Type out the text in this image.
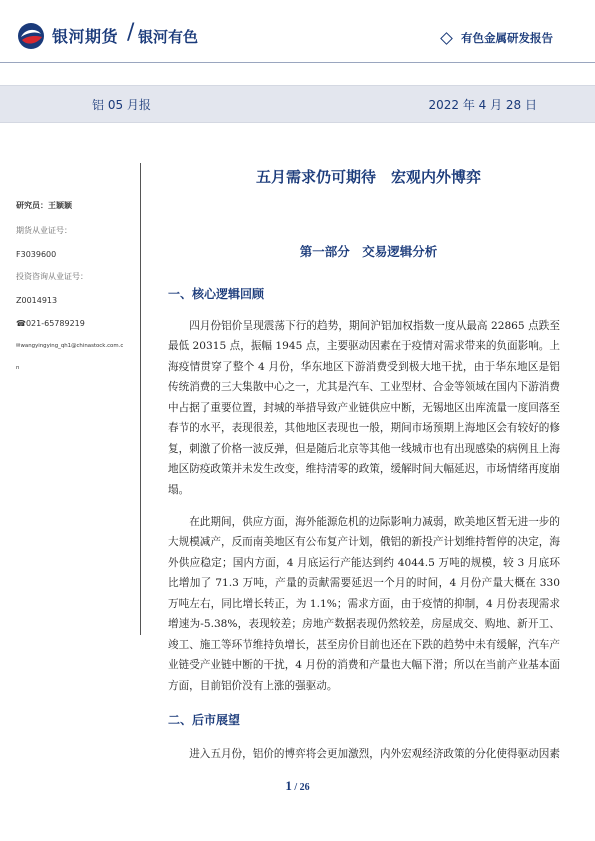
银河期货 / 银河有色	有色金属研发报告
铝 05 月报	2022 年 4 月 28 日
研究员：王颖颖
期货从业证号：
F3039600
投资咨询从业证号：
Z0014913
☎021-65789219
✉wangyingying_qh1@chinastock.com.c
n
五月需求仍可期待　宏观内外博弈
第一部分　交易逻辑分析
一、核心逻辑回顾
四月份铝价呈现震荡下行的趋势，期间沪铝加权指数一度从最高 22865 点跌至最低 20315 点，振幅 1945 点，主要驱动因素在于疫情对需求带来的负面影响。上海疫情贯穿了整个 4 月份，华东地区下游消费受到极大地干扰，由于华东地区是铝传统消费的三大集散中心之一，尤其是汽车、工业型材、合金等领域在国内下游消费中占据了重要位置，封城的举措导致产业链供应中断，无锡地区出库流量一度回落至春节的水平，表现很差，其他地区表现也一般，期间市场预期上海地区会有较好的修复，刺激了价格一波反弹，但是随后北京等其他一线城市也有出现感染的病例且上海地区防疫政策并未发生改变，维持清零的政策，缓解时间大幅延迟，市场情绪再度崩塌。
在此期间，供应方面，海外能源危机的边际影响力减弱，欧美地区暂无进一步的大规模减产，反而南美地区有公布复产计划，俄铝的新投产计划维持暂停的决定，海外供应稳定；国内方面，4 月底运行产能达到约 4044.5 万吨的规模，较 3 月底环比增加了 71.3 万吨，产量的贡献需要延迟一个月的时间，4 月份产量大概在 330 万吨左右，同比增长转正，为 1.1%；需求方面，由于疫情的抑制，4 月份表现需求增速为-5.38%，表现较差；房地产数据表现仍然较差，房屋成交、购地、新开工、竣工、施工等环节维持负增长，甚至房价目前也还在下跌的趋势中未有缓解，汽车产业链受产业链中断的干扰，4 月份的消费和产量也大幅下滑；所以在当前产业基本面方面，目前铝价没有上涨的强驱动。
二、后市展望
进入五月份，铝价的博弈将会更加激烈，内外宏观经济政策的分化使得驱动因素
1 / 26
